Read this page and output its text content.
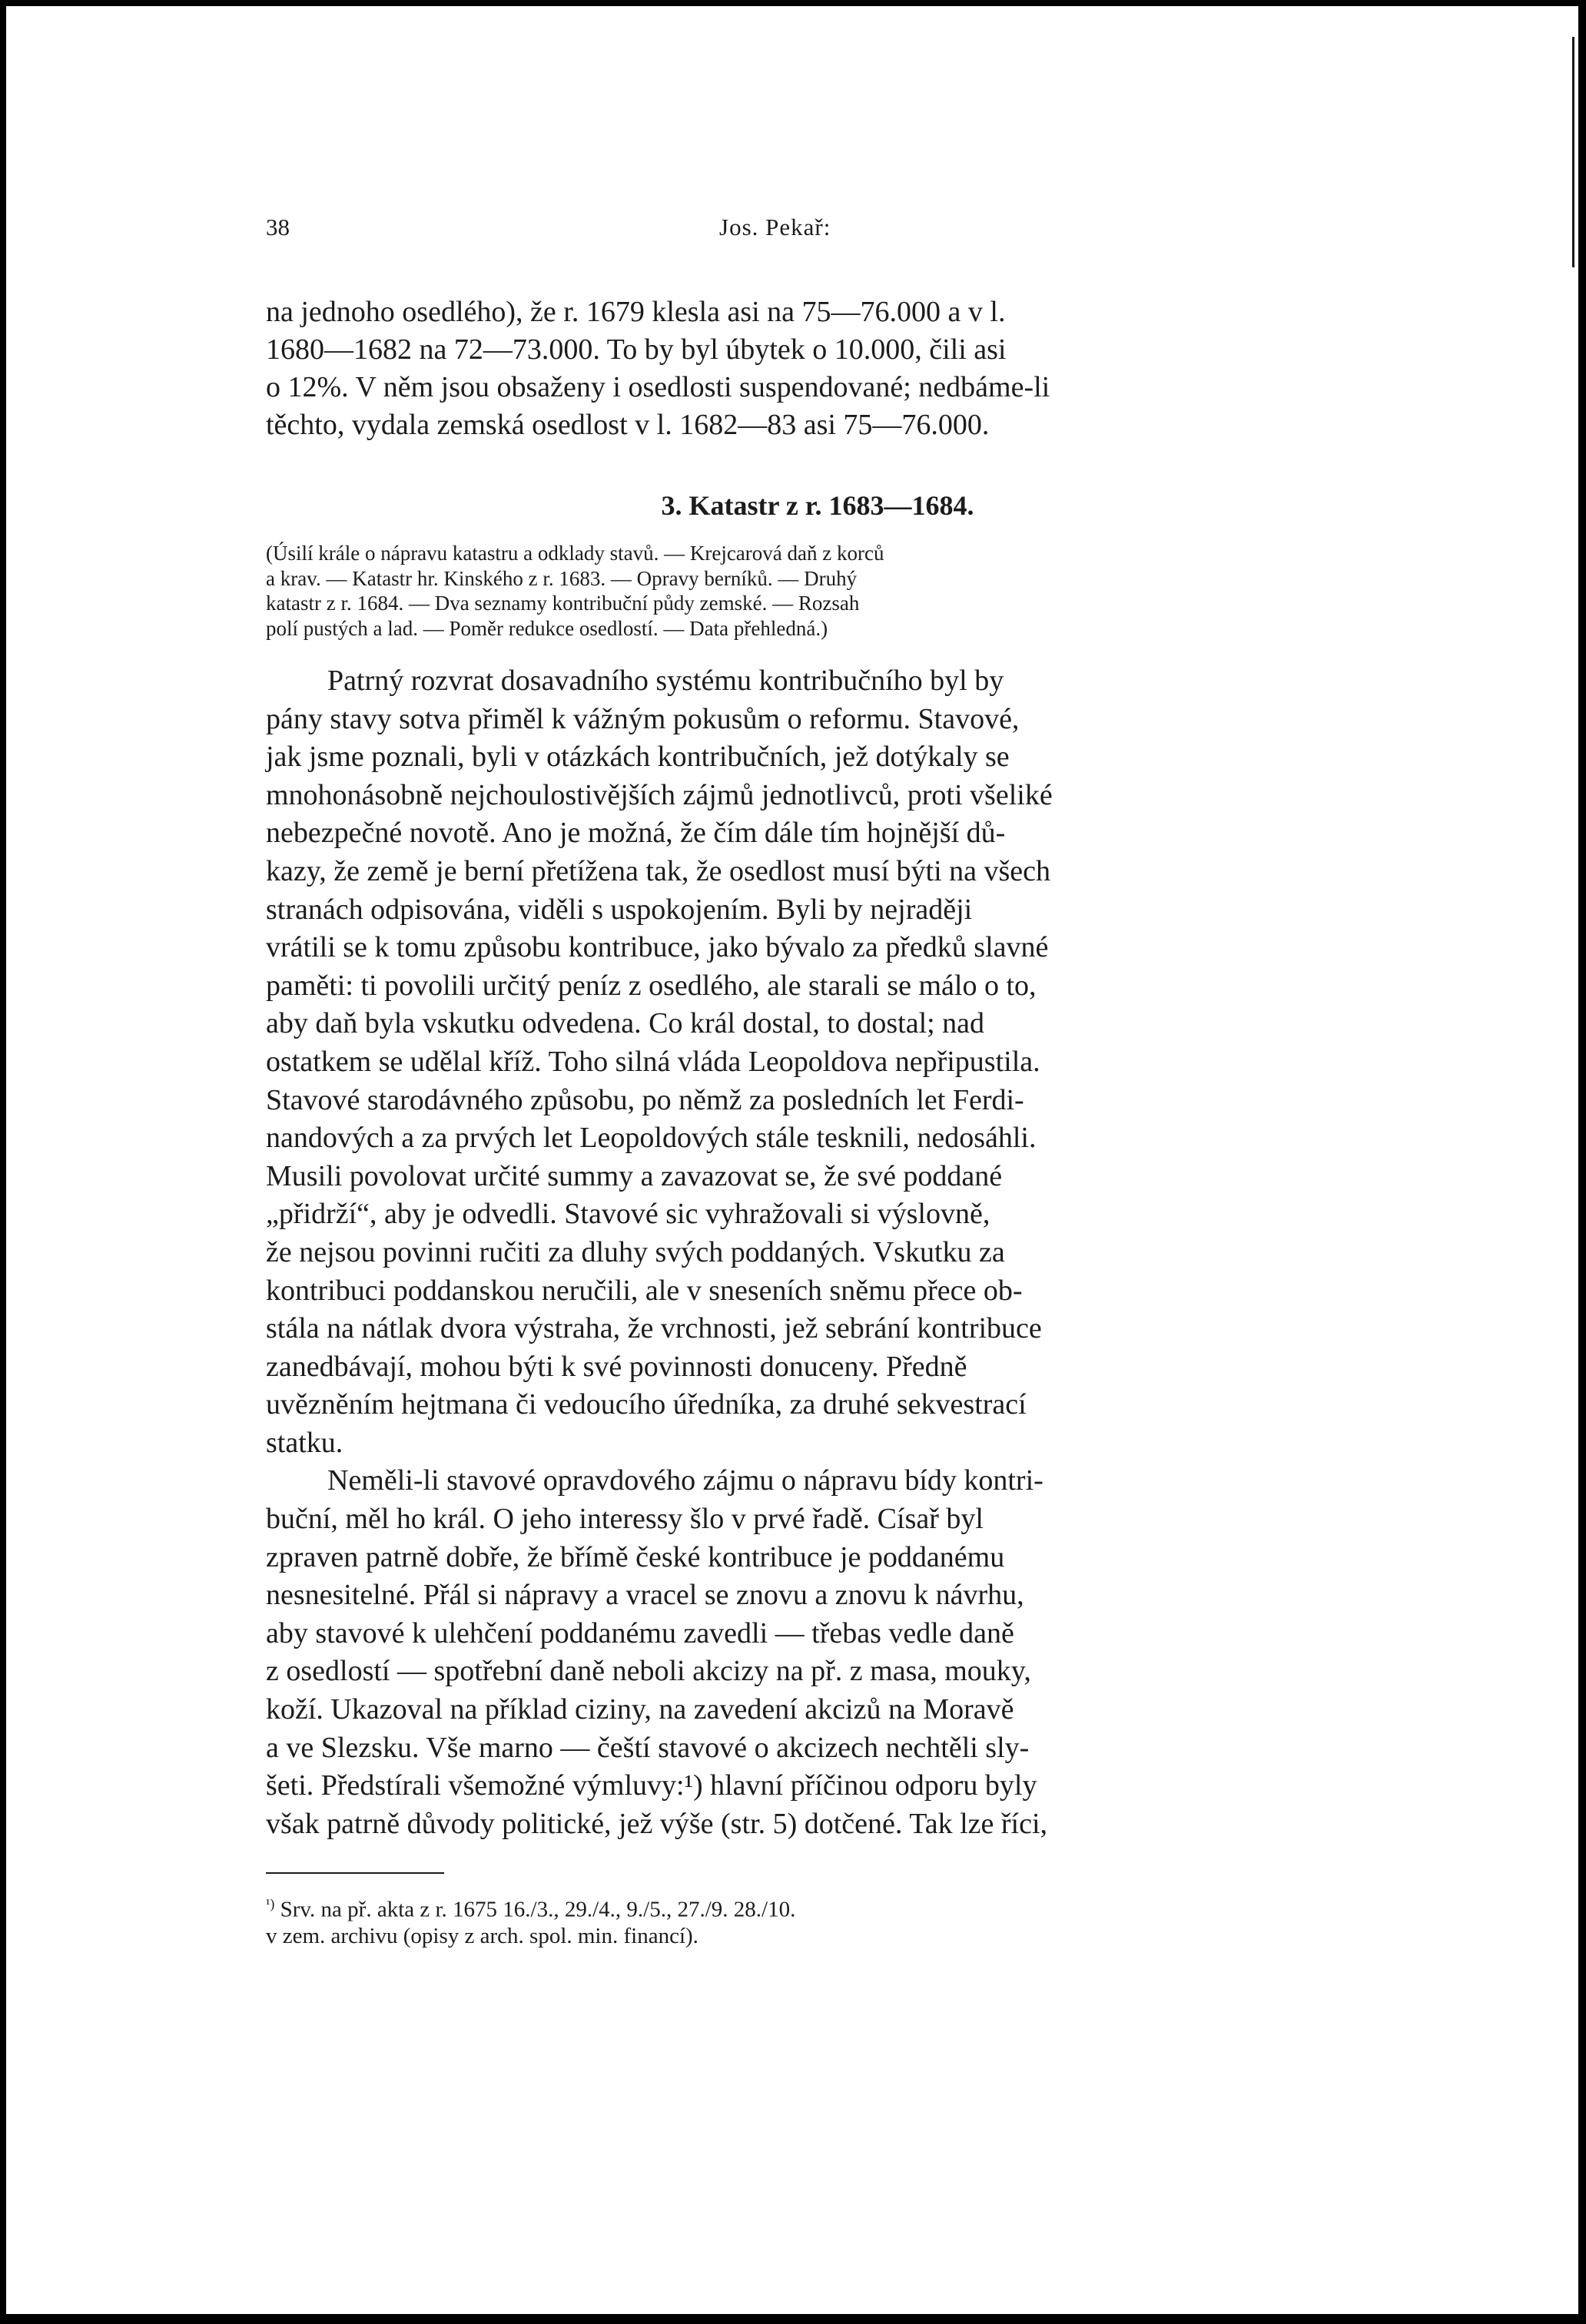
38	Jos. Pekař:
na jednoho osedlého), že r. 1679 klesla asi na 75—76.000 a v l.
1680—1682 na 72—73.000. To by byl úbytek o 10.000, čili asi
o 12%. V něm jsou obsaženy i osedlosti suspendované; nedbáme-li
těchto, vydala zemská osedlost v l. 1682—83 asi 75—76.000.
3. Katastr z r. 1683—1684.
(Úsilí krále o nápravu katastru a odklady stavů. — Krejcarová daň z korců
a krav. — Katastr hr. Kinského z r. 1683. — Opravy berníků. — Druhý
katastr z r. 1684. — Dva seznamy kontribuční půdy zemské. — Rozsah
polí pustých a lad. — Poměr redukce osedlostí. — Data přehledná.)
Patrný rozvrat dosavadního systému kontribučního byl by
pány stavy sotva přiměl k vážným pokusům o reformu. Stavové,
jak jsme poznali, byli v otázkách kontribučních, jež dotýkaly se
mnohonásobně nejchoulostivějších zájmů jednotlivců, proti všeliké
nebezpečné novotě. Ano je možná, že čím dále tím hojnější dů-
kazy, že země je berní přetížena tak, že osedlost musí býti na všech
stranách odpisována, viděli s uspokojením. Byli by nejraději
vrátili se k tomu způsobu kontribuce, jako bývalo za předků slavné
paměti: ti povolili určitý peníz z osedlého, ale starali se málo o to,
aby daň byla vskutku odvedena. Co král dostal, to dostal; nad
ostatkem se udělal kříž. Toho silná vláda Leopoldova nepřipustila.
Stavové starodávného způsobu, po němž za posledních let Ferdi-
nandových a za prvých let Leopoldových stále tesknili, nedosáhli.
Musili povolovat určité summy a zavazovat se, že své poddané
„přidrží“, aby je odvedli. Stavové sic vyhražovali si výslovně,
že nejsou povinni ručiti za dluhy svých poddaných. Vskutku za
kontribuci poddanskou neručili, ale v sneseních sněmu přece ob-
stála na nátlak dvora výstraha, že vrchnosti, jež sebrání kontribuce
zanedbávají, mohou býti k své povinnosti donuceny. Předně
uvězněním hejtmana či vedoucího úředníka, za druhé sekvestrací
statku.
Neměli-li stavové opravdového zájmu o nápravu bídy kontri-
buční, měl ho král. O jeho interessy šlo v prvé řadě. Císař byl
zpraven patrně dobře, že břímě české kontribuce je poddanému
nesnesitelné. Přál si nápravy a vracel se znovu a znovu k návrhu,
aby stavové k ulehčení poddanému zavedli — třebas vedle daně
z osedlostí — spotřební daně neboli akcizy na př. z masa, mouky,
koží. Ukazoval na příklad ciziny, na zavedení akcizů na Moravě
a ve Slezsku. Vše marno — čeští stavové o akcizech nechtěli sly-
šeti. Předstírali všemožné výmluvy:¹) hlavní příčinou odporu byly
však patrně důvody politické, jež výše (str. 5) dotčené. Tak lze říci,
$^{^1)}$ Srv. na př. akta z r. 1675 16./3., 29./4., 9./5., 27./9. 28./10.
v zem. archivu (opisy z arch. spol. min. financí).
